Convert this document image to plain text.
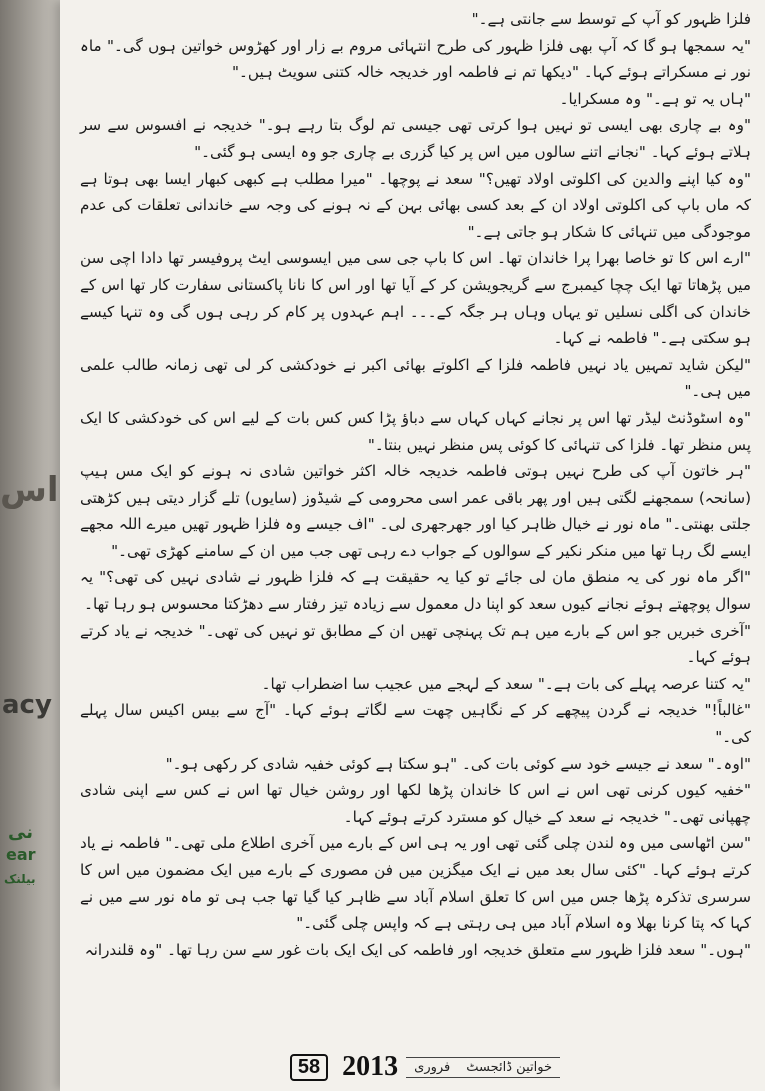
اس
acy
نی
ear
بیلنک

فلزا ظہور کو آپ کے توسط سے جانتی ہے۔"

"یہ سمجھا ہو گا کہ آپ بھی فلزا ظہور کی طرح انتہائی مروم بے زار اور کھڑوس خواتین ہوں گی۔" ماہ نور نے مسکراتے ہوئے کہا۔ "دیکھا تم نے فاطمہ اور خدیجہ خالہ کتنی سویٹ ہیں۔"

"ہاں یہ تو ہے۔" وہ مسکرایا۔

"وہ بے چاری بھی ایسی تو نہیں ہوا کرتی تھی جیسی تم لوگ بتا رہے ہو۔" خدیجہ نے افسوس سے سر ہلاتے ہوئے کہا۔ "نجانے اتنے سالوں میں اس پر کیا گزری بے چاری جو وہ ایسی ہو گئی۔"

"وہ کیا اپنے والدین کی اکلوتی اولاد تھیں؟" سعد نے پوچھا۔ "میرا مطلب ہے کبھی کبھار ایسا بھی ہوتا ہے کہ ماں باپ کی اکلوتی اولاد ان کے بعد کسی بھائی بہن کے نہ ہونے کی وجہ سے خاندانی تعلقات کی عدم موجودگی میں تنہائی کا شکار ہو جاتی ہے۔"

"ارے اس کا تو خاصا بھرا پرا خاندان تھا۔ اس کا باپ جی سی میں ایسوسی ایٹ پروفیسر تھا دادا اچی سن میں پڑھاتا تھا ایک چچا کیمبرج سے گریجویشن کر کے آیا تھا اور اس کا نانا پاکستانی سفارت کار تھا اس کے خاندان کی اگلی نسلیں تو یہاں وہاں ہر جگہ کے۔۔۔ اہم عہدوں پر کام کر رہی ہوں گی وہ تنہا کیسے ہو سکتی ہے۔" فاطمہ نے کہا۔

"لیکن شاید تمہیں یاد نہیں فاطمہ فلزا کے اکلوتے بھائی اکبر نے خودکشی کر لی تھی زمانہ طالب علمی میں ہی۔"

"وہ اسٹوڈنٹ لیڈر تھا اس پر نجانے کہاں کہاں سے دباؤ پڑا کس کس بات کے لیے اس کی خودکشی کا ایک پس منظر تھا۔ فلزا کی تنہائی کا کوئی پس منظر نہیں بنتا۔"

"ہر خاتون آپ کی طرح نہیں ہوتی فاطمہ خدیجہ خالہ اکثر خواتین شادی نہ ہونے کو ایک مس ہیپ (سانحہ) سمجھنے لگتی ہیں اور پھر باقی عمر اسی محرومی کے شیڈوز (سایوں) تلے گزار دیتی ہیں کڑھتی جلتی بھنتی۔" ماہ نور نے خیال ظاہر کیا اور جھرجھری لی۔ "اف جیسے وہ فلزا ظہور تھیں میرے اللہ مجھے ایسے لگ رہا تھا میں منکر نکیر کے سوالوں کے جواب دے رہی تھی جب میں ان کے سامنے کھڑی تھی۔"

"اگر ماہ نور کی یہ منطق مان لی جائے تو کیا یہ حقیقت ہے کہ فلزا ظہور نے شادی نہیں کی تھی؟" یہ سوال پوچھتے ہوئے نجانے کیوں سعد کو اپنا دل معمول سے زیادہ تیز رفتار سے دھڑکتا محسوس ہو رہا تھا۔

"آخری خبریں جو اس کے بارے میں ہم تک پہنچی تھیں ان کے مطابق تو نہیں کی تھی۔" خدیجہ نے یاد کرتے ہوئے کہا۔

"یہ کتنا عرصہ پہلے کی بات ہے۔" سعد کے لہجے میں عجیب سا اضطراب تھا۔

"غالباً!" خدیجہ نے گردن پیچھے کر کے نگاہیں چھت سے لگاتے ہوئے کہا۔ "آج سے بیس اکیس سال پہلے کی۔"

"اوہ۔" سعد نے جیسے خود سے کوئی بات کی۔ "ہو سکتا ہے کوئی خفیہ شادی کر رکھی ہو۔"

"خفیہ کیوں کرنی تھی اس نے اس کا خاندان پڑھا لکھا اور روشن خیال تھا اس نے کس سے اپنی شادی چھپانی تھی۔" خدیجہ نے سعد کے خیال کو مسترد کرتے ہوئے کہا۔

"سن اٹھاسی میں وہ لندن چلی گئی تھی اور یہ ہی اس کے بارے میں آخری اطلاع ملی تھی۔" فاطمہ نے یاد کرتے ہوئے کہا۔ "کئی سال بعد میں نے ایک میگزین میں فن مصوری کے بارے میں ایک مضمون میں اس کا سرسری تذکرہ پڑھا جس میں اس کا تعلق اسلام آباد سے ظاہر کیا گیا تھا جب ہی تو ماہ نور سے میں نے کہا کہ پتا کرنا بھلا وہ اسلام آباد میں ہی رہتی ہے کہ واپس چلی گئی۔"

"ہوں۔" سعد فلزا ظہور سے متعلق خدیجہ اور فاطمہ کی ایک ایک بات غور سے سن رہا تھا۔ "وہ قلندرانہ

خواتین ڈائجسٹ
فروری
2013
58
